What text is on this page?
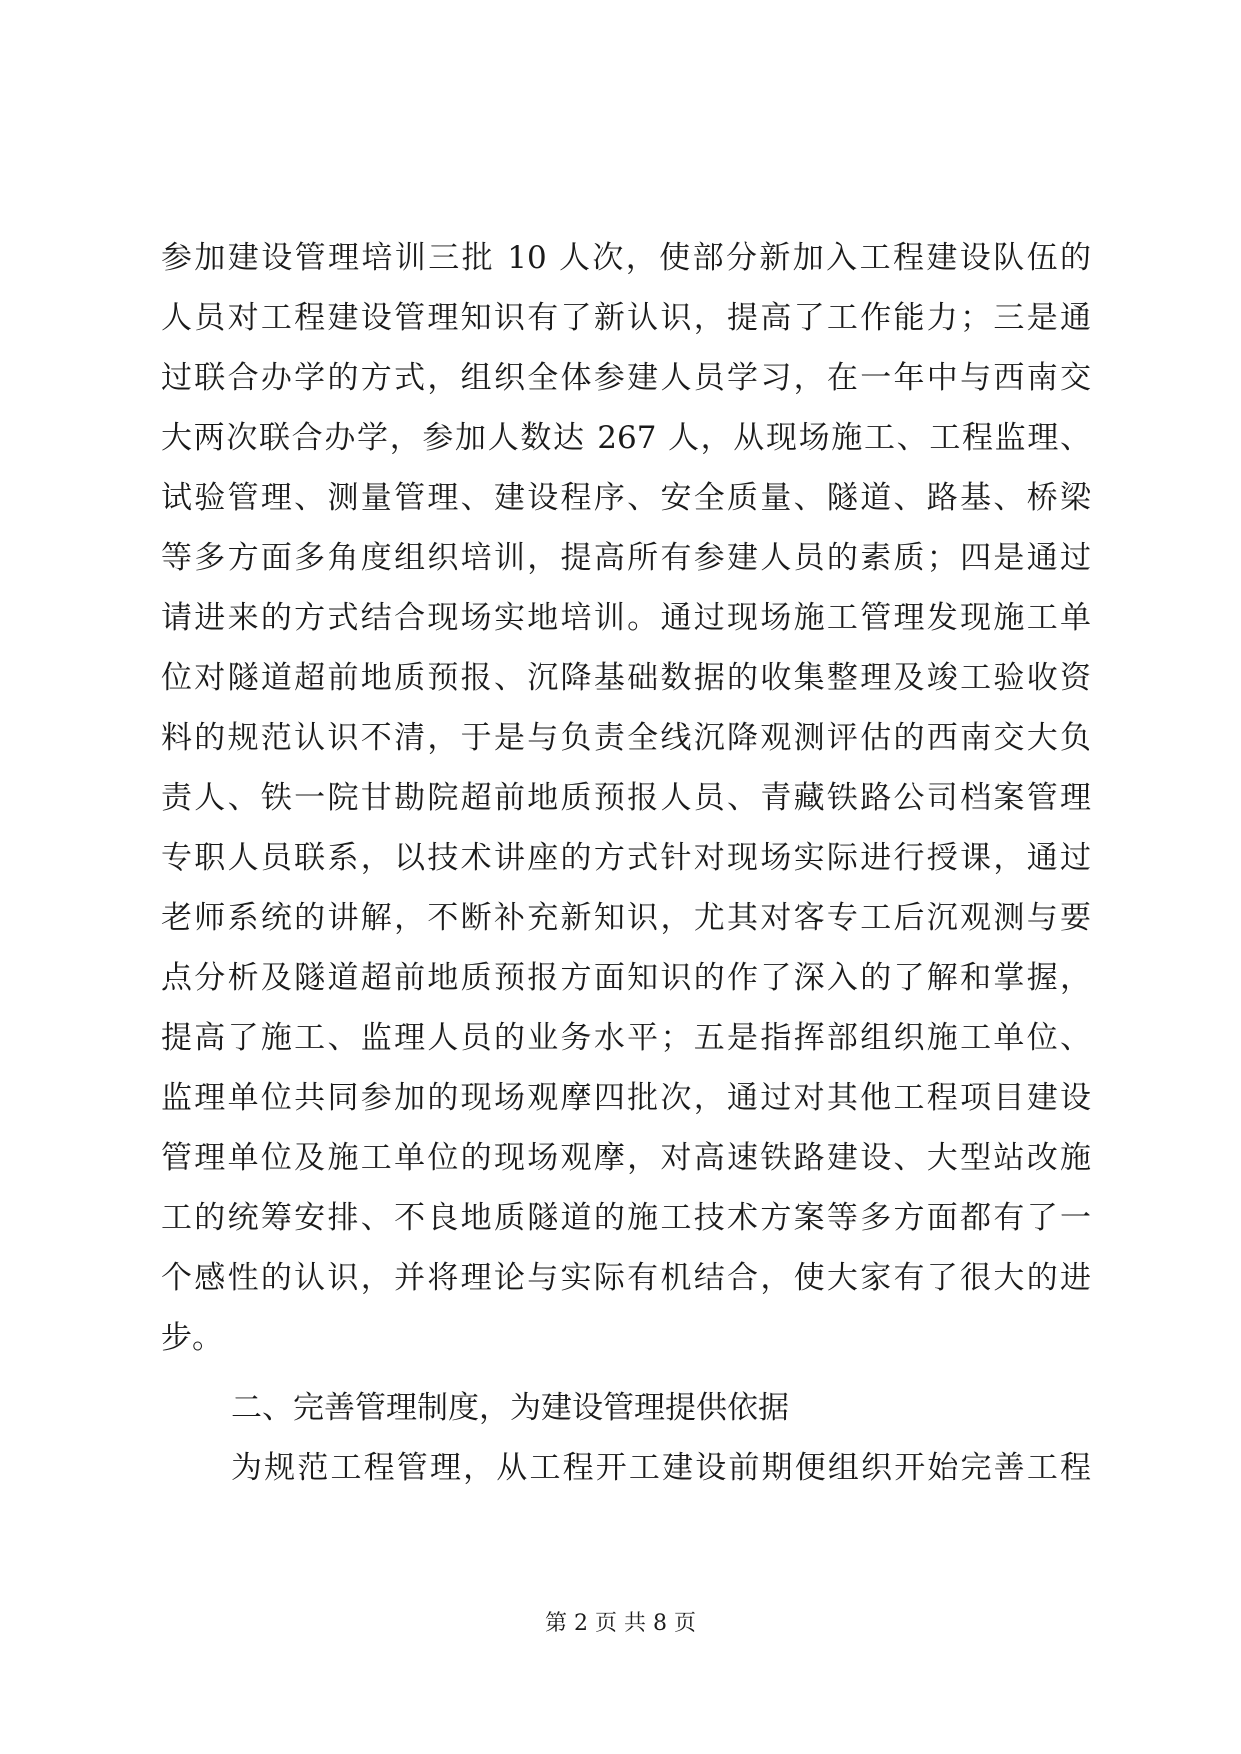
参加建设管理培训三批 10 人次，使部分新加入工程建设队伍的
人员对工程建设管理知识有了新认识，提高了工作能力；三是通
过联合办学的方式，组织全体参建人员学习，在一年中与西南交
大两次联合办学，参加人数达 267 人，从现场施工、工程监理、
试验管理、测量管理、建设程序、安全质量、隧道、路基、桥梁
等多方面多角度组织培训，提高所有参建人员的素质；四是通过
请进来的方式结合现场实地培训。通过现场施工管理发现施工单
位对隧道超前地质预报、沉降基础数据的收集整理及竣工验收资
料的规范认识不清，于是与负责全线沉降观测评估的西南交大负
责人、铁一院甘勘院超前地质预报人员、青藏铁路公司档案管理
专职人员联系，以技术讲座的方式针对现场实际进行授课，通过
老师系统的讲解，不断补充新知识，尤其对客专工后沉观测与要
点分析及隧道超前地质预报方面知识的作了深入的了解和掌握，
提高了施工、监理人员的业务水平；五是指挥部组织施工单位、
监理单位共同参加的现场观摩四批次，通过对其他工程项目建设
管理单位及施工单位的现场观摩，对高速铁路建设、大型站改施
工的统筹安排、不良地质隧道的施工技术方案等多方面都有了一
个感性的认识，并将理论与实际有机结合，使大家有了很大的进
步。
二、完善管理制度，为建设管理提供依据
为规范工程管理，从工程开工建设前期便组织开始完善工程
第 2 页 共 8 页
